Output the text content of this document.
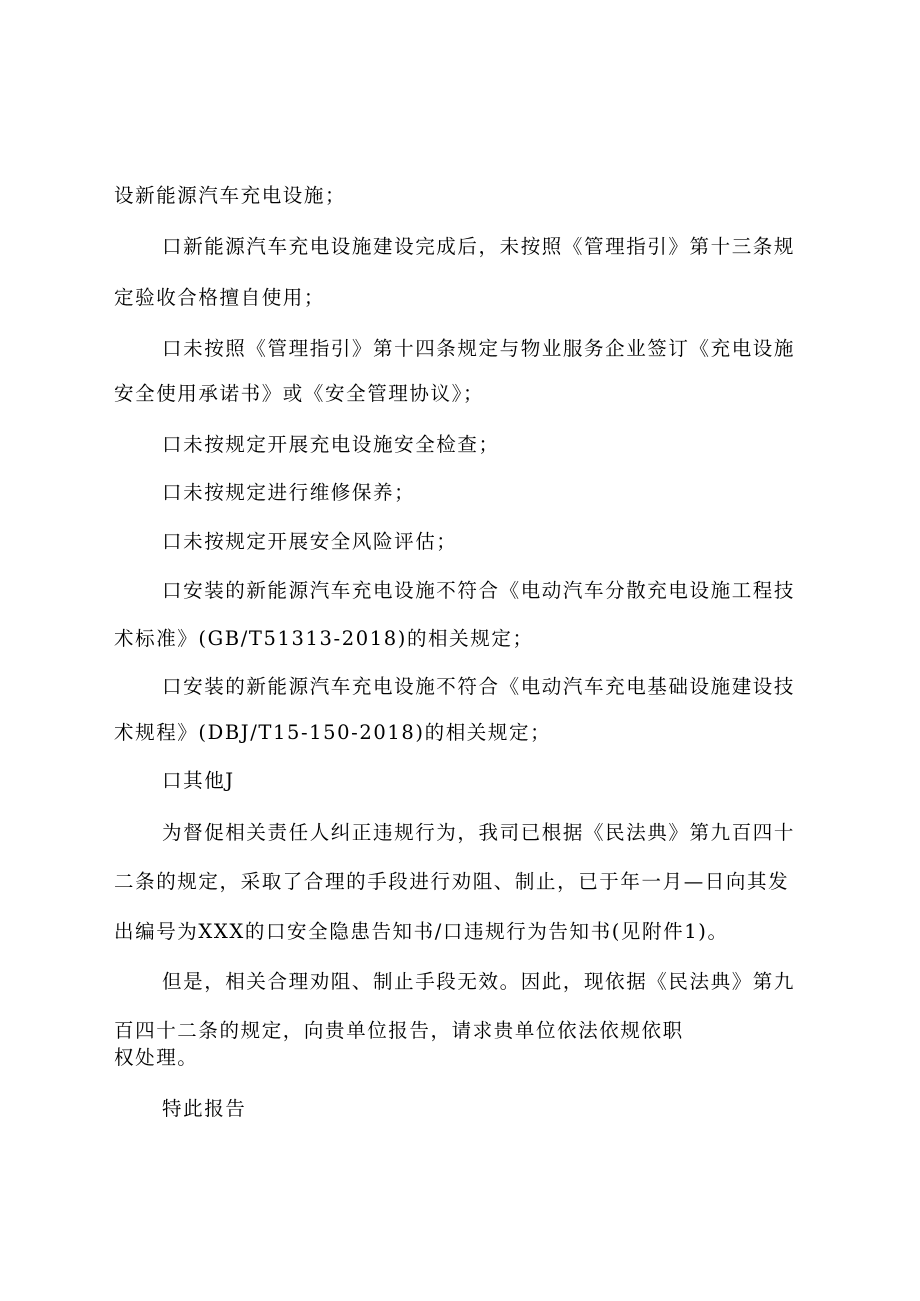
设新能源汽车充电设施；

口新能源汽车充电设施建设完成后，未按照《管理指引》第十三条规

定验收合格擅自使用；

口未按照《管理指引》第十四条规定与物业服务企业签订《充电设施

安全使用承诺书》或《安全管理协议》；

口未按规定开展充电设施安全检查；

口未按规定进行维修保养；

口未按规定开展安全风险评估；

口安装的新能源汽车充电设施不符合《电动汽车分散充电设施工程技

术标准》(GB/T51313-2018)的相关规定；

口安装的新能源汽车充电设施不符合《电动汽车充电基础设施建设技

术规程》(DBJ/T15-150-2018)的相关规定；

口其他J

为督促相关责任人纠正违规行为，我司已根据《民法典》第九百四十

二条的规定，采取了合理的手段进行劝阻、制止，已于年一月—日向其发

出编号为XXX的口安全隐患告知书/口违规行为告知书(见附件1)。

但是，相关合理劝阻、制止手段无效。因此，现依据《民法典》第九

百四十二条的规定，向贵单位报告，请求贵单位依法依规依职

权处理。

特此报告
